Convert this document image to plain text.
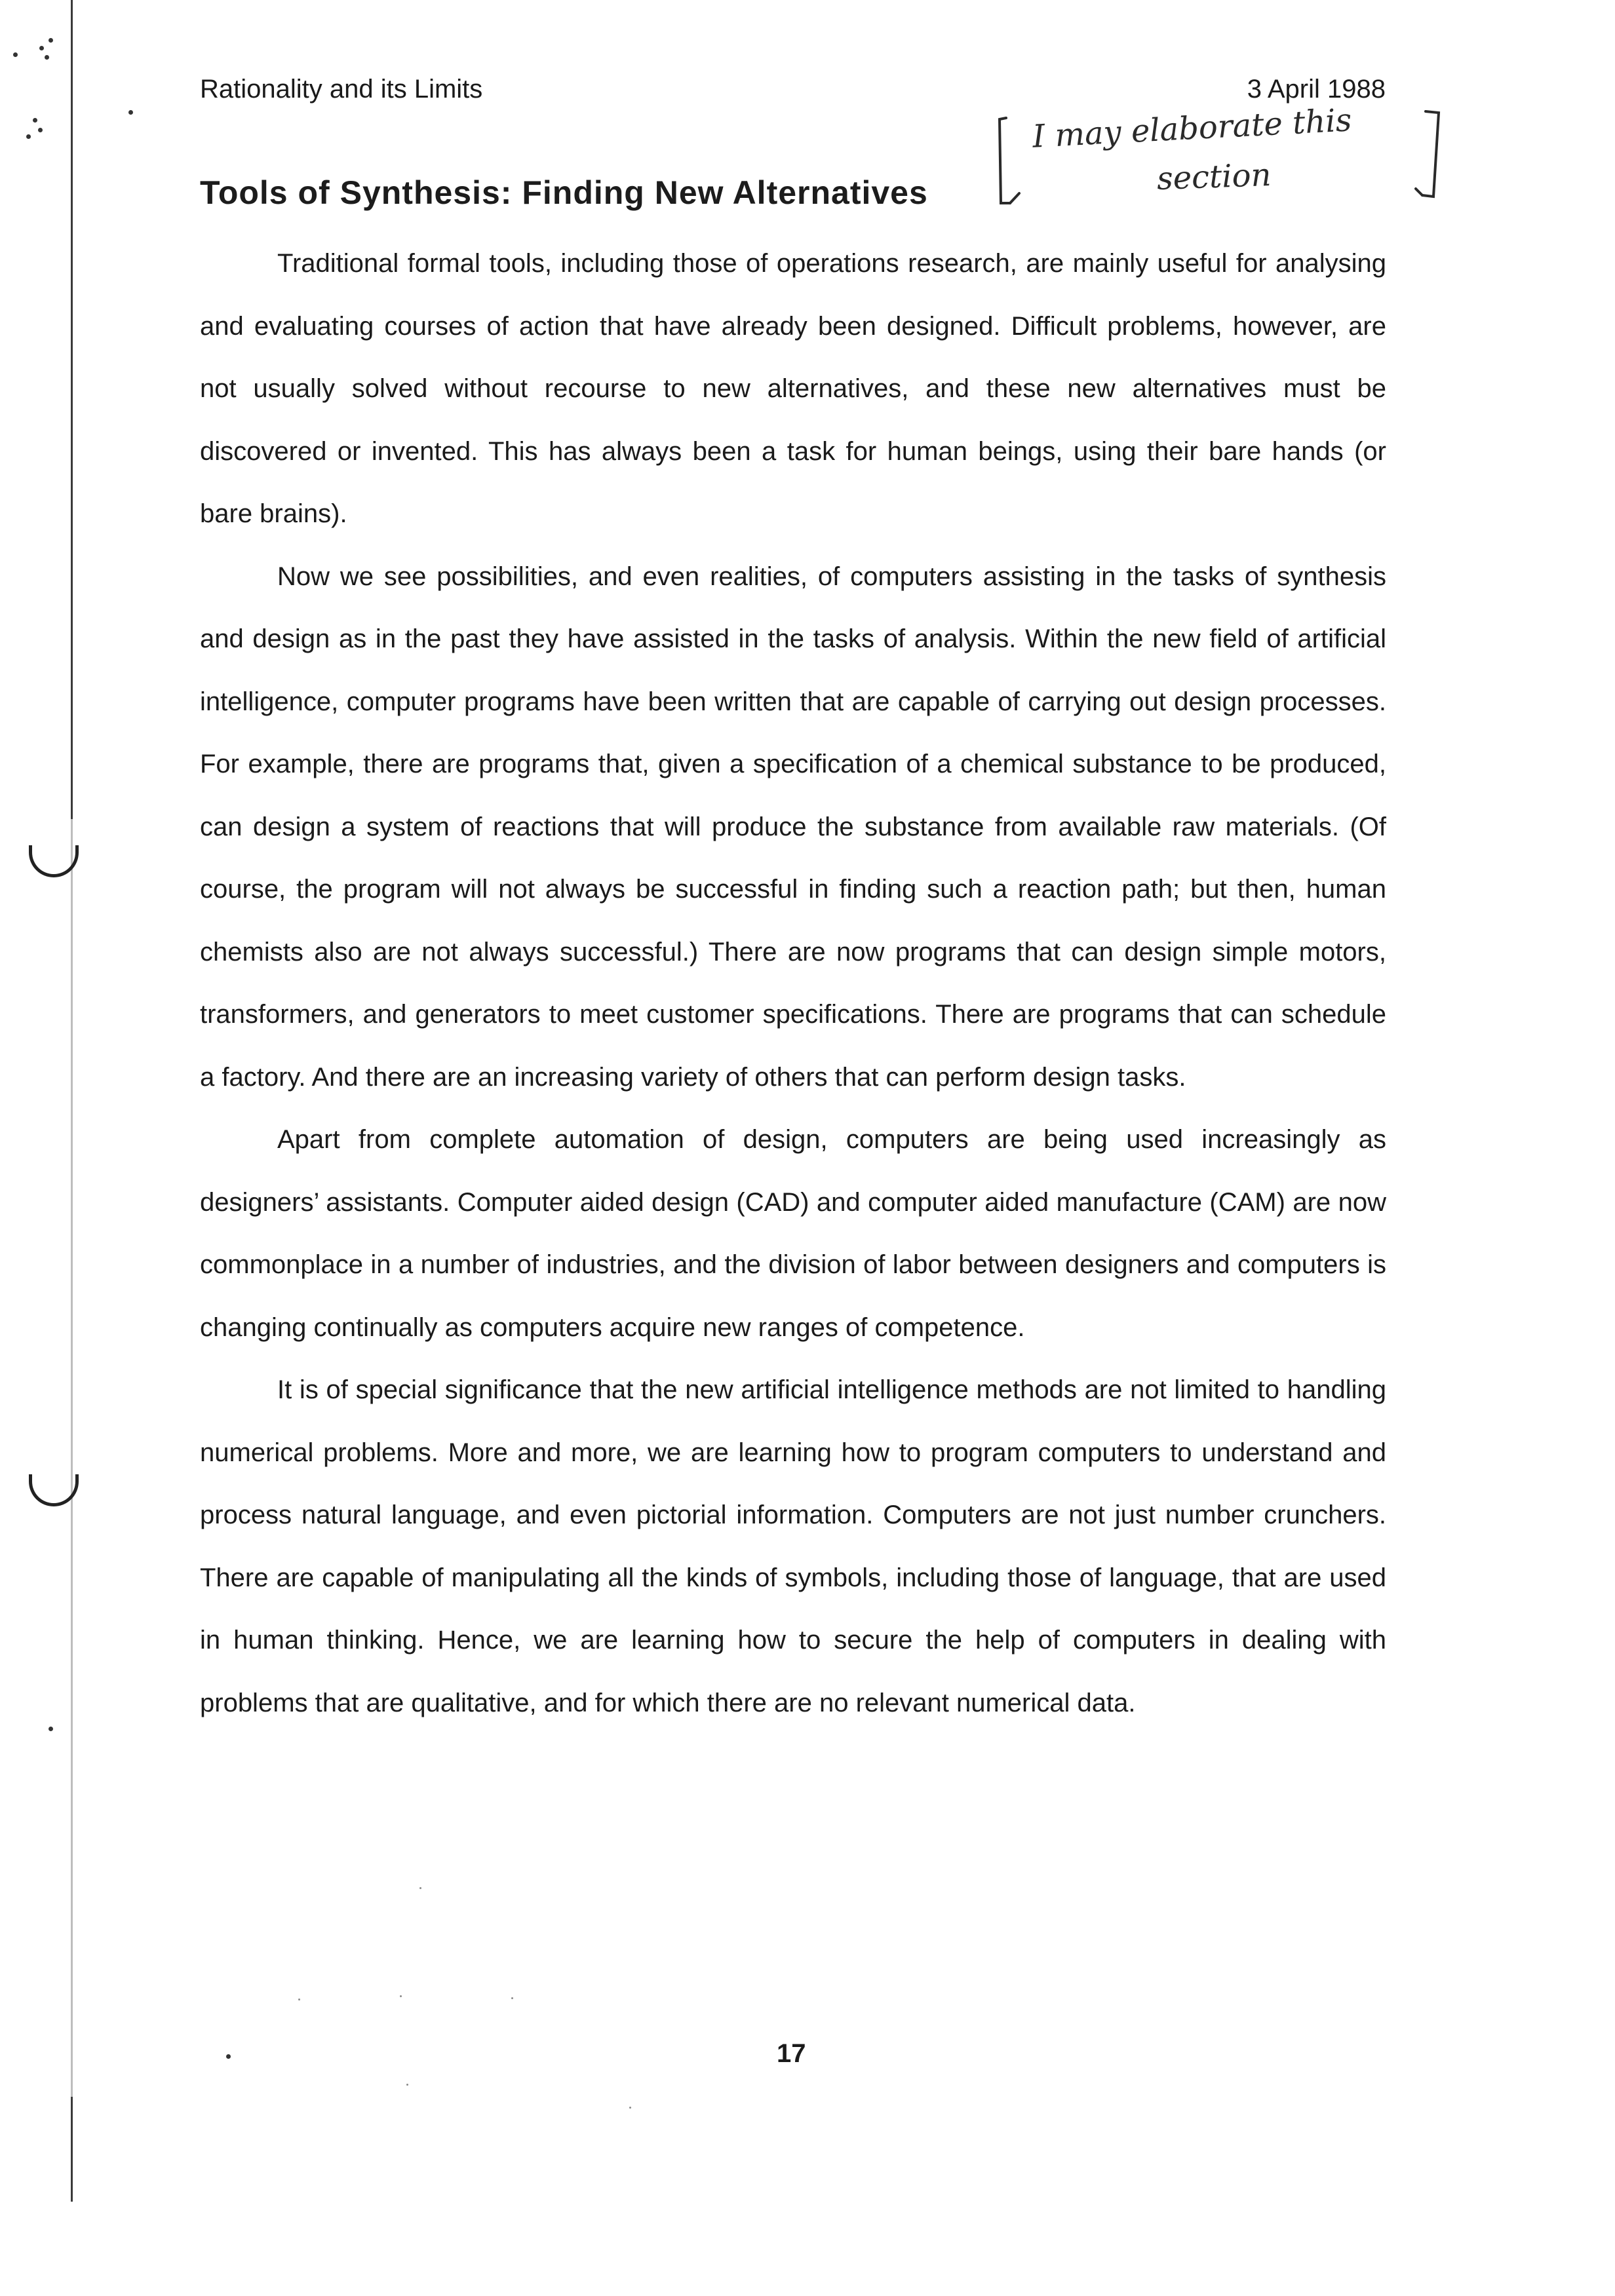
Rationality and its Limits	3 April 1988
Tools of Synthesis: Finding New Alternatives
I may elaborate this
section

Traditional formal tools, including those of operations research, are mainly useful for analysing and evaluating courses of action that have already been designed. Difficult problems, however, are not usually solved without recourse to new alternatives, and these new alternatives must be discovered or invented. This has always been a task for human beings, using their bare hands (or bare brains).

Now we see possibilities, and even realities, of computers assisting in the tasks of synthesis and design as in the past they have assisted in the tasks of analysis. Within the new field of artificial intelligence, computer programs have been written that are capable of carrying out design processes. For example, there are programs that, given a specification of a chemical substance to be produced, can design a system of reactions that will produce the substance from available raw materials. (Of course, the program will not always be successful in finding such a reaction path; but then, human chemists also are not always successful.) There are now programs that can design simple motors, transformers, and generators to meet customer specifications. There are programs that can schedule a factory. And there are an increasing variety of others that can perform design tasks.

Apart from complete automation of design, computers are being used increasingly as designers’ assistants. Computer aided design (CAD) and computer aided manufacture (CAM) are now commonplace in a number of industries, and the division of labor between designers and computers is changing continually as computers acquire new ranges of competence.

It is of special significance that the new artificial intelligence methods are not limited to handling numerical problems. More and more, we are learning how to program computers to understand and process natural language, and even pictorial information. Computers are not just number crunchers. There are capable of manipulating all the kinds of symbols, including those of language, that are used in human thinking. Hence, we are learning how to secure the help of computers in dealing with problems that are qualitative, and for which there are no relevant numerical data.

17
